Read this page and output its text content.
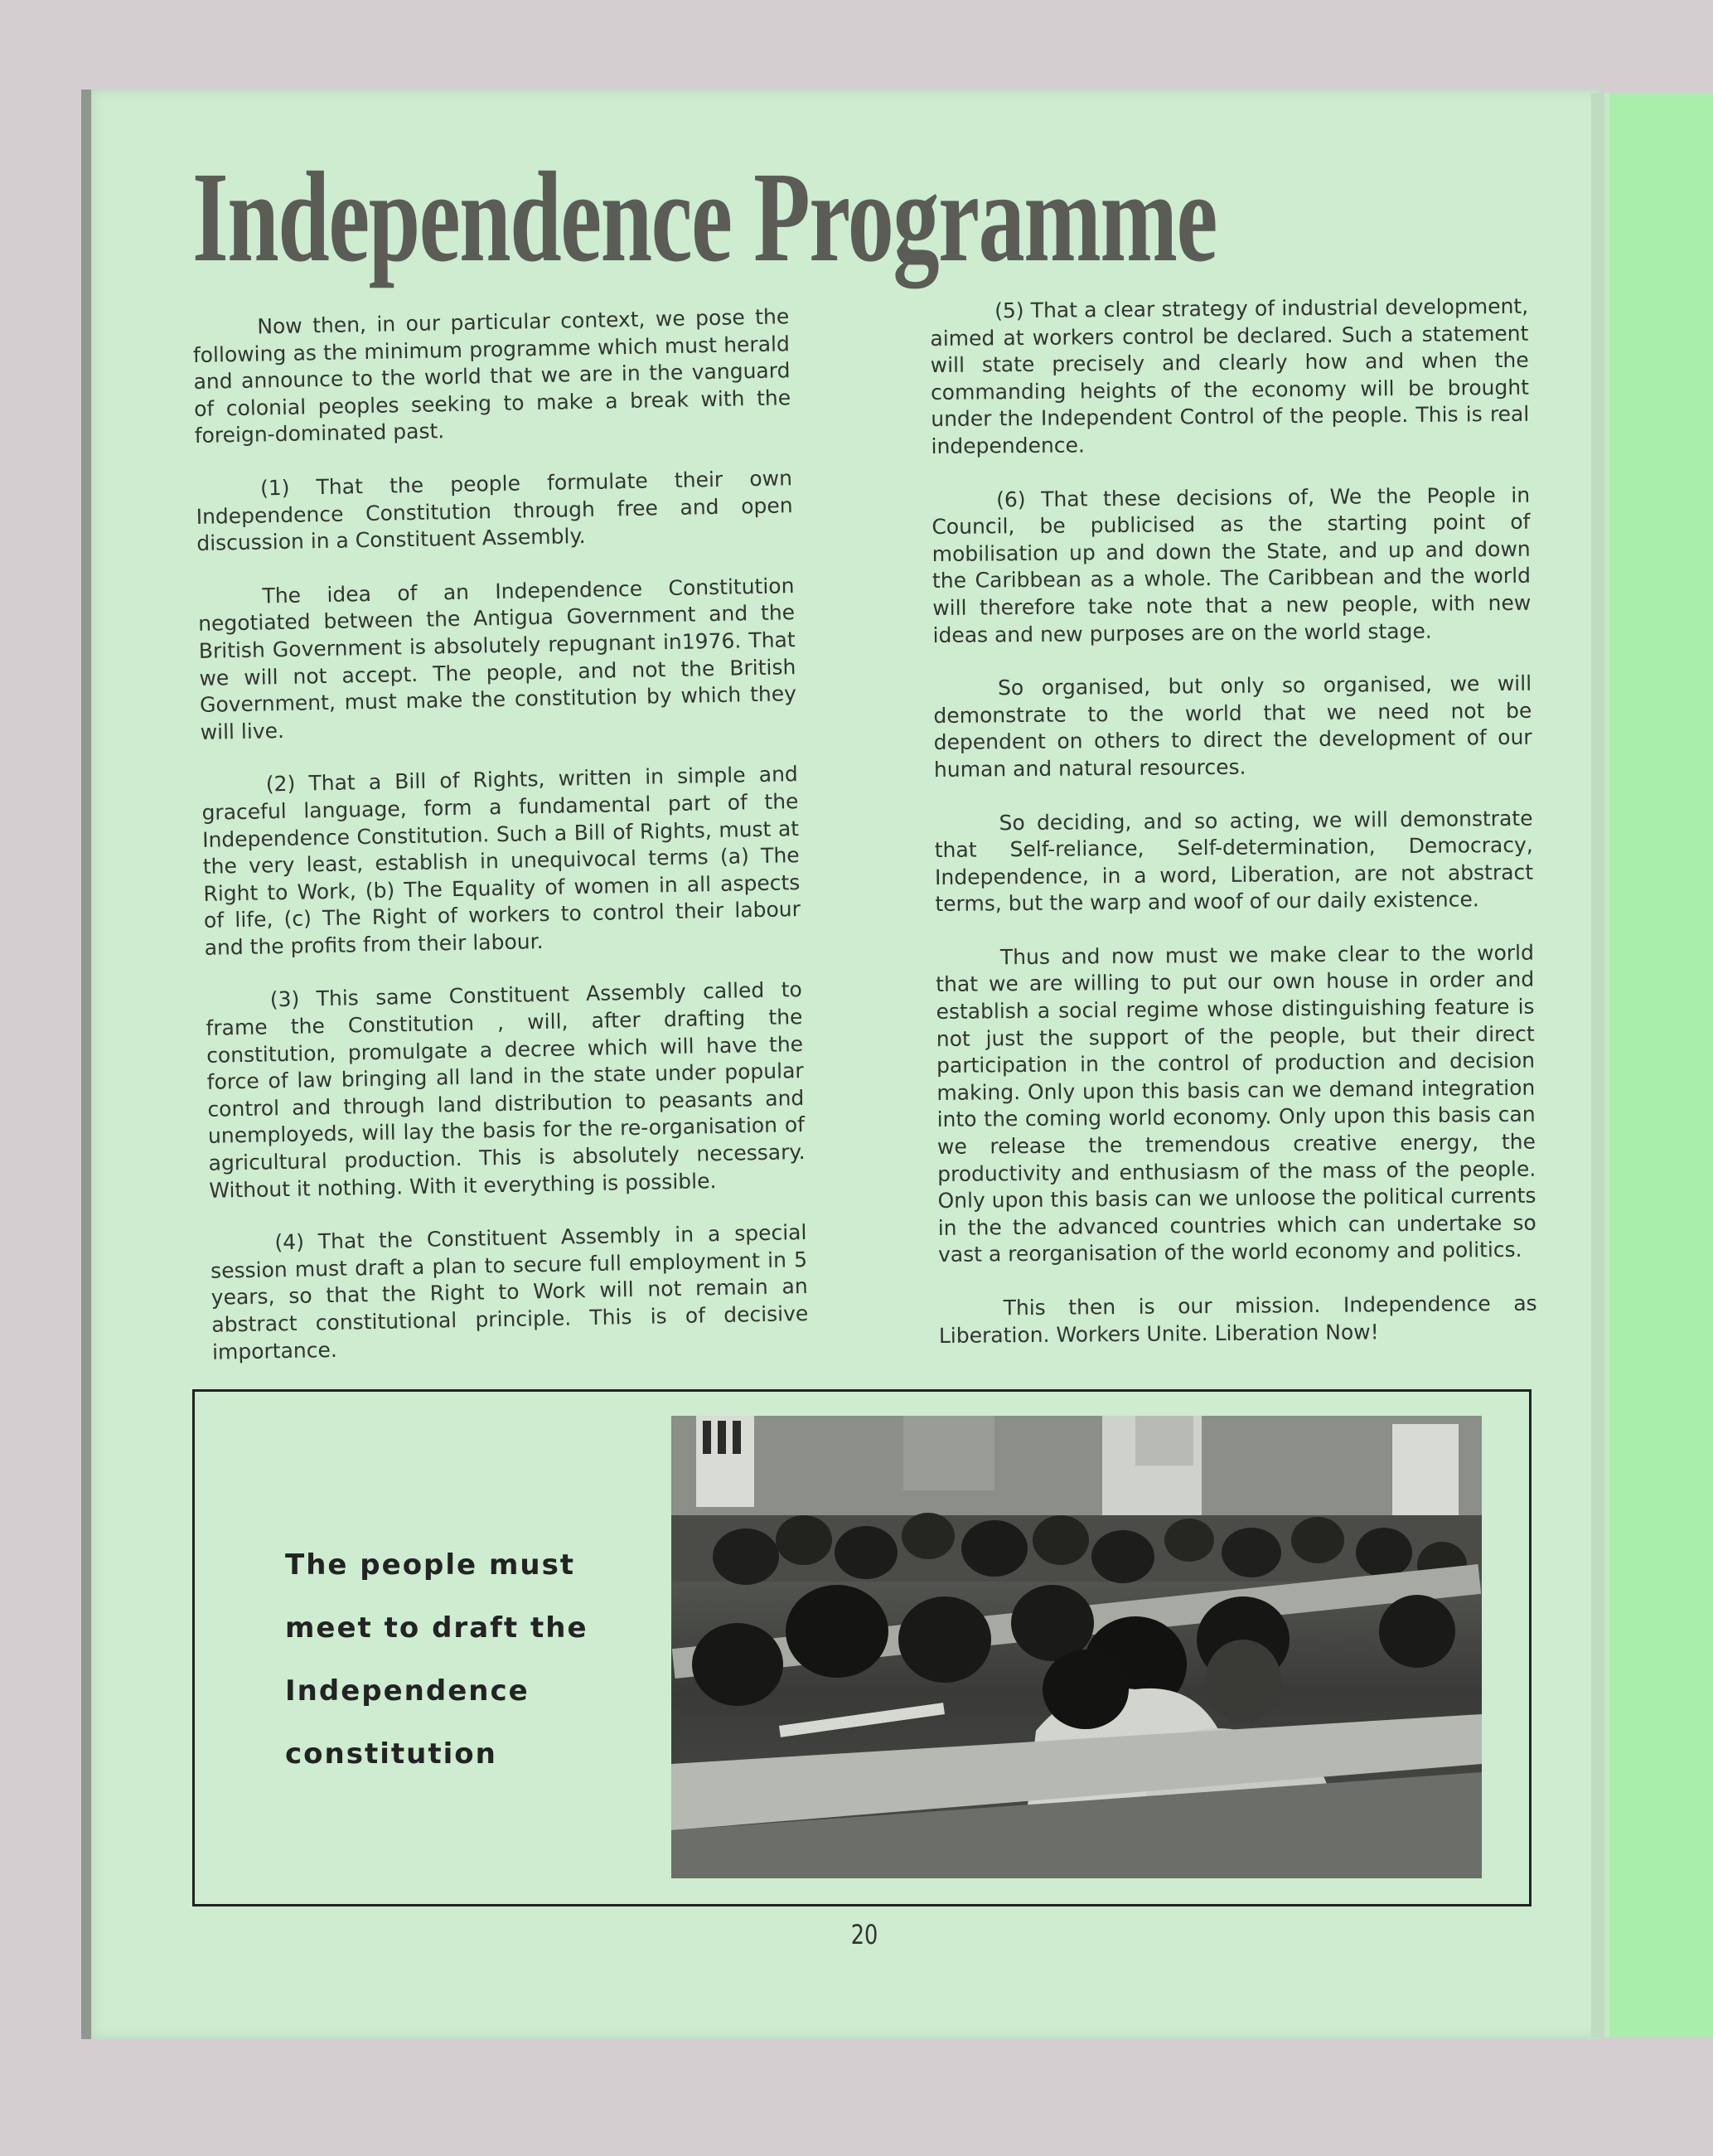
Independence Programme

Now then, in our particular context, we pose the following as the minimum programme which must herald and announce to the world that we are in the vanguard of colonial peoples seeking to make a break with the foreign-dominated past.

(1) That the people formulate their own Independence Constitution through free and open discussion in a Constituent Assembly.

The idea of an Independence Constitution negotiated between the Antigua Government and the British Government is absolutely repugnant in1976. That we will not accept. The people, and not the British Government, must make the constitution by which they will live.

(2) That a Bill of Rights, written in simple and graceful language, form a fundamental part of the Independence Constitution. Such a Bill of Rights, must at the very least, establish in unequivocal terms (a) The Right to Work, (b) The Equality of women in all aspects of life, (c) The Right of workers to control their labour and the profits from their labour.

(3) This same Constituent Assembly called to frame the Constitution , will, after drafting the constitution, promulgate a decree which will have the force of law bringing all land in the state under popular control and through land distribution to peasants and unemployeds, will lay the basis for the re-organisation of agricultural production. This is absolutely necessary. Without it nothing. With it everything is possible.

(4) That the Constituent Assembly in a special session must draft a plan to secure full employment in 5 years, so that the Right to Work will not remain an abstract constitutional principle. This is of decisive importance.

(5) That a clear strategy of industrial development, aimed at workers control be declared. Such a statement will state precisely and clearly how and when the commanding heights of the economy will be brought under the Independent Control of the people. This is real independence.

(6) That these decisions of, We the People in Council, be publicised as the starting point of mobilisation up and down the State, and up and down the Caribbean as a whole. The Caribbean and the world will therefore take note that a new people, with new ideas and new purposes are on the world stage.

So organised, but only so organised, we will demonstrate to the world that we need not be dependent on others to direct the development of our human and natural resources.

So deciding, and so acting, we will demonstrate that Self-reliance, Self-determination, Democracy, Independence, in a word, Liberation, are not abstract terms, but the warp and woof of our daily existence.

Thus and now must we make clear to the world that we are willing to put our own house in order and establish a social regime whose distinguishing feature is not just the support of the people, but their direct participation in the control of production and decision making. Only upon this basis can we demand integration into the coming world economy. Only upon this basis can we release the tremendous creative energy, the productivity and enthusiasm of the mass of the people. Only upon this basis can we unloose the political currents in the the advanced countries which can undertake so vast a reorganisation of the world economy and politics.

This then is our mission. Independence as Liberation. Workers Unite. Liberation Now!

The people must
meet to draft the
Independence
constitution
20
